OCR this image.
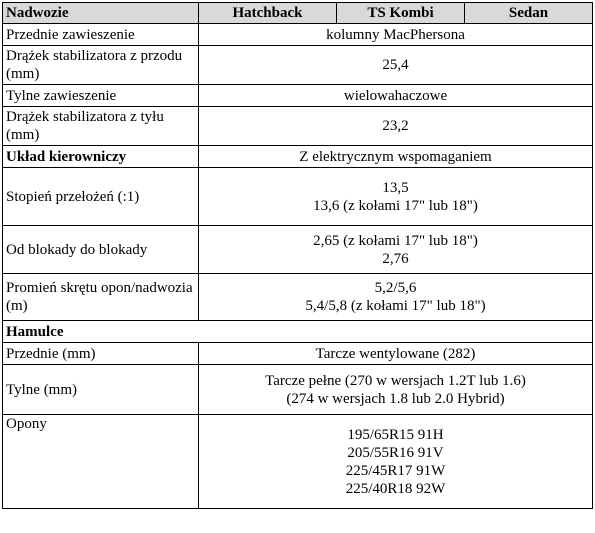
Nadwozie	Hatchback	TS Kombi	Sedan
Przednie zawieszenie	kolumny MacPhersona		

Drążek stabilizatora z przodu (mm)	25,4		

Tylne zawieszenie	wielowahaczowe		

Drążek stabilizatora z tyłu (mm)	23,2		

Układ kierowniczy	Z elektrycznym wspomaganiem		

Stopień przełożeń (:1)	13,5
13,6 (z kołami 17" lub 18")		

Od blokady do blokady	2,65 (z kołami 17" lub 18")
2,76		

Promień skrętu opon/nadwozia (m)	5,2/5,6
5,4/5,8 (z kołami 17" lub 18")		

Hamulce			
Przednie (mm)	Tarcze wentylowane (282)		

Tylne (mm)	Tarcze pełne (270 w wersjach 1.2T lub 1.6)
(274 w wersjach 1.8 lub 2.0 Hybrid)		

Opony	195/65R15 91H
205/55R16 91V
225/45R17 91W
225/40R18 92W		
